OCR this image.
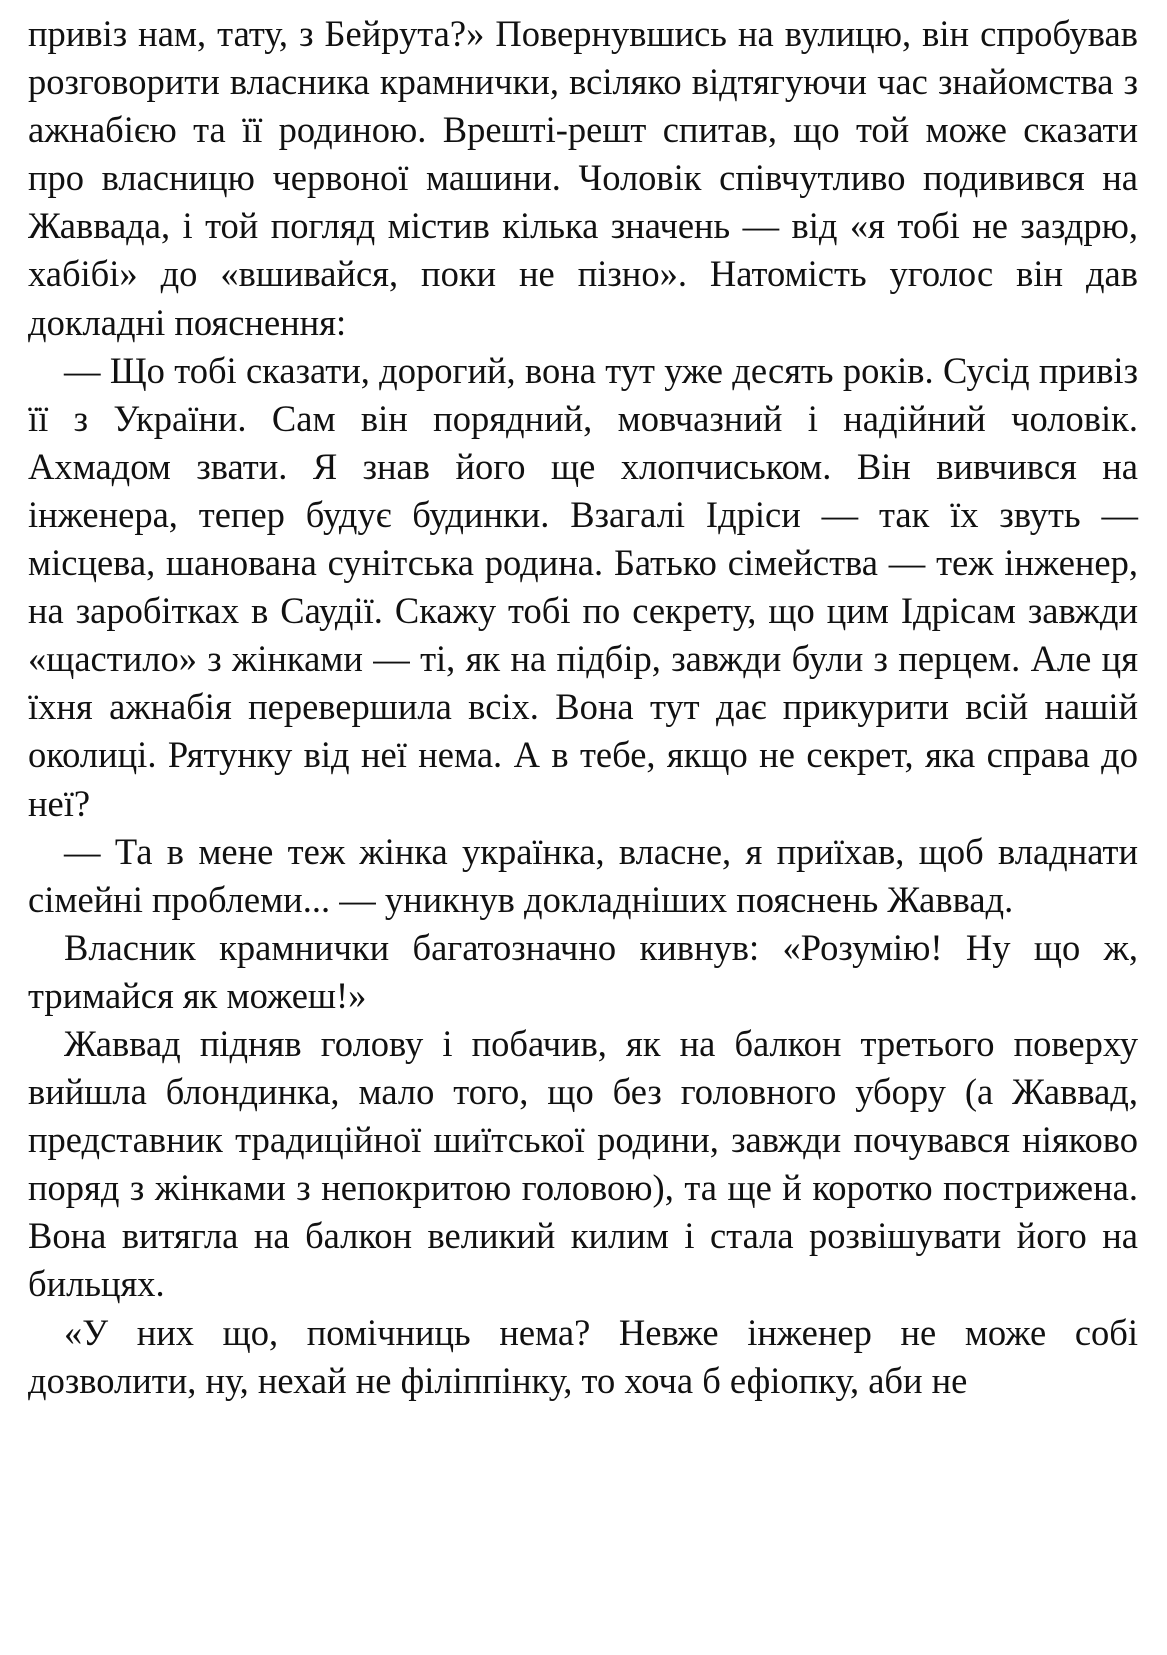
привіз нам, тату, з Бейрута?» Повернувшись на вулицю, він спробував розговорити власника крамнички, всіляко відтягуючи час знайомства з ажнабією та її родиною. Врешті-решт спитав, що той може сказати про власницю червоної машини. Чоловік співчутливо подивився на Жаввада, і той погляд містив кілька значень — від «я тобі не заздрю, хабібі» до «вшивайся, поки не пізно». Натомість уголос він дав докладні пояснення:

— Що тобі сказати, дорогий, вона тут уже десять років. Сусід привіз її з України. Сам він порядний, мовчазний і надійний чоловік. Ахмадом звати. Я знав його ще хлопчиськом. Він вивчився на інженера, тепер будує будинки. Взагалі Ідріси — так їх звуть — місцева, шанована сунітська родина. Батько сімейства — теж інженер, на заробітках в Саудії. Скажу тобі по секрету, що цим Ідрісам завжди «щастило» з жінками — ті, як на підбір, завжди були з перцем. Але ця їхня ажнабія перевершила всіх. Вона тут дає прикурити всій нашій околиці. Рятунку від неї нема. А в тебе, якщо не секрет, яка справа до неї?

— Та в мене теж жінка українка, власне, я приїхав, щоб владнати сімейні проблеми... — уникнув докладніших пояснень Жаввад.

Власник крамнички багатозначно кивнув: «Розумію! Ну що ж, тримайся як можеш!»

Жаввад підняв голову і побачив, як на балкон третього поверху вийшла блондинка, мало того, що без головного убору (а Жаввад, представник традиційної шиїтської родини, завжди почувався ніяково поряд з жінками з непокритою головою), та ще й коротко пострижена. Вона витягла на балкон великий килим і стала розвішувати його на бильцях.

«У них що, помічниць нема? Невже інженер не може собі дозволити, ну, нехай не філіппінку, то хоча б ефіопку, аби не
